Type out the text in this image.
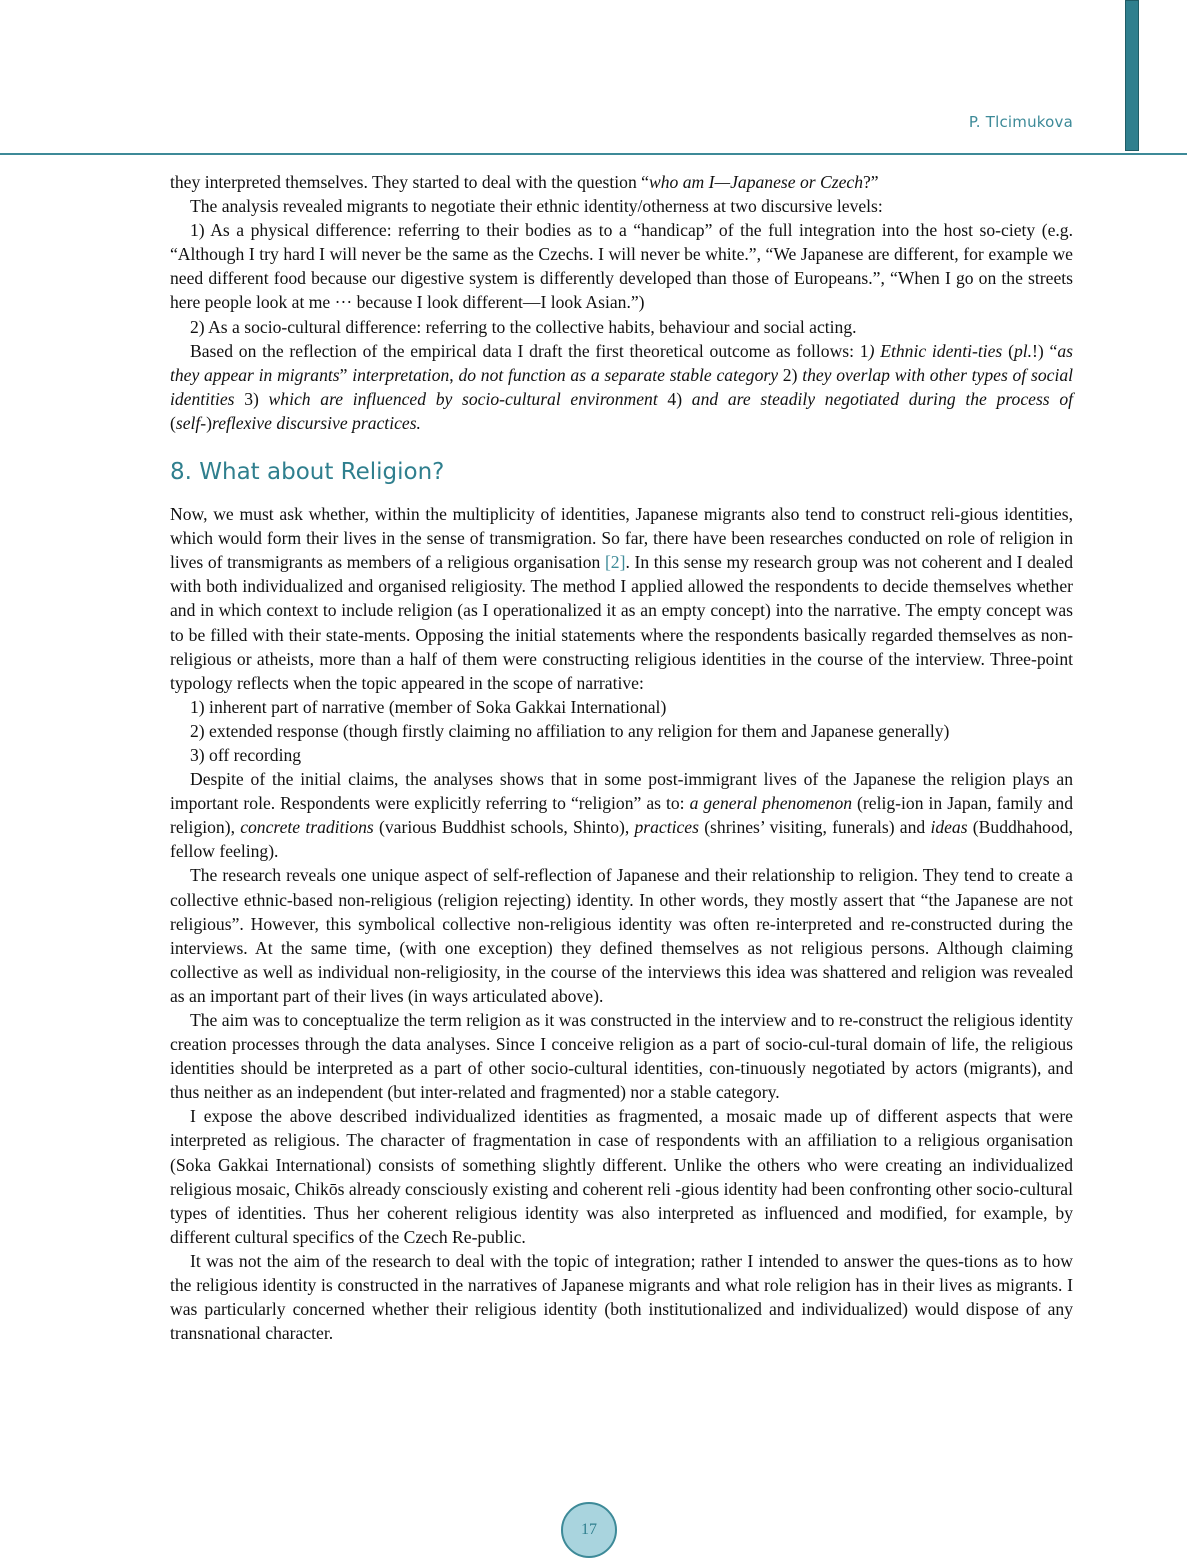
P. Tlcimukova

they interpreted themselves. They started to deal with the question “who am I—Japanese or Czech?”

The analysis revealed migrants to negotiate their ethnic identity/otherness at two discursive levels:

1) As a physical difference: referring to their bodies as to a “handicap” of the full integration into the host so-ciety (e.g. “Although I try hard I will never be the same as the Czechs. I will never be white.”, “We Japanese are different, for example we need different food because our digestive system is differently developed than those of Europeans.”, “When I go on the streets here people look at me ··· because I look different—I look Asian.”)

2) As a socio-cultural difference: referring to the collective habits, behaviour and social acting.

Based on the reflection of the empirical data I draft the first theoretical outcome as follows: 1) Ethnic identi-ties (pl.!) “as they appear in migrants” interpretation, do not function as a separate stable category 2) they overlap with other types of social identities 3) which are influenced by socio-cultural environment 4) and are steadily negotiated during the process of (self-)reflexive discursive practices.

8. What about Religion?

Now, we must ask whether, within the multiplicity of identities, Japanese migrants also tend to construct reli-gious identities, which would form their lives in the sense of transmigration. So far, there have been researches conducted on role of religion in lives of transmigrants as members of a religious organisation [2]. In this sense my research group was not coherent and I dealed with both individualized and organised religiosity. The method I applied allowed the respondents to decide themselves whether and in which context to include religion (as I operationalized it as an empty concept) into the narrative. The empty concept was to be filled with their state-ments. Opposing the initial statements where the respondents basically regarded themselves as non-religious or atheists, more than a half of them were constructing religious identities in the course of the interview. Three-point typology reflects when the topic appeared in the scope of narrative:

1) inherent part of narrative (member of Soka Gakkai International)

2) extended response (though firstly claiming no affiliation to any religion for them and Japanese generally)

3) off recording

Despite of the initial claims, the analyses shows that in some post-immigrant lives of the Japanese the religion plays an important role. Respondents were explicitly referring to “religion” as to: a general phenomenon (relig-ion in Japan, family and religion), concrete traditions (various Buddhist schools, Shinto), practices (shrines’ visiting, funerals) and ideas (Buddhahood, fellow feeling).

The research reveals one unique aspect of self-reflection of Japanese and their relationship to religion. They tend to create a collective ethnic-based non-religious (religion rejecting) identity. In other words, they mostly assert that “the Japanese are not religious”. However, this symbolical collective non-religious identity was often re-interpreted and re-constructed during the interviews. At the same time, (with one exception) they defined themselves as not religious persons. Although claiming collective as well as individual non-religiosity, in the course of the interviews this idea was shattered and religion was revealed as an important part of their lives (in ways articulated above).

The aim was to conceptualize the term religion as it was constructed in the interview and to re-construct the religious identity creation processes through the data analyses. Since I conceive religion as a part of socio-cul-tural domain of life, the religious identities should be interpreted as a part of other socio-cultural identities, con-tinuously negotiated by actors (migrants), and thus neither as an independent (but inter-related and fragmented) nor a stable category.

I expose the above described individualized identities as fragmented, a mosaic made up of different aspects that were interpreted as religious. The character of fragmentation in case of respondents with an affiliation to a religious organisation (Soka Gakkai International) consists of something slightly different. Unlike the others who were creating an individualized religious mosaic, Chikōs already consciously existing and coherent reli -gious identity had been confronting other socio-cultural types of identities. Thus her coherent religious identity was also interpreted as influenced and modified, for example, by different cultural specifics of the Czech Re-public.

It was not the aim of the research to deal with the topic of integration; rather I intended to answer the ques-tions as to how the religious identity is constructed in the narratives of Japanese migrants and what role religion has in their lives as migrants. I was particularly concerned whether their religious identity (both institutionalized and individualized) would dispose of any transnational character.

17
